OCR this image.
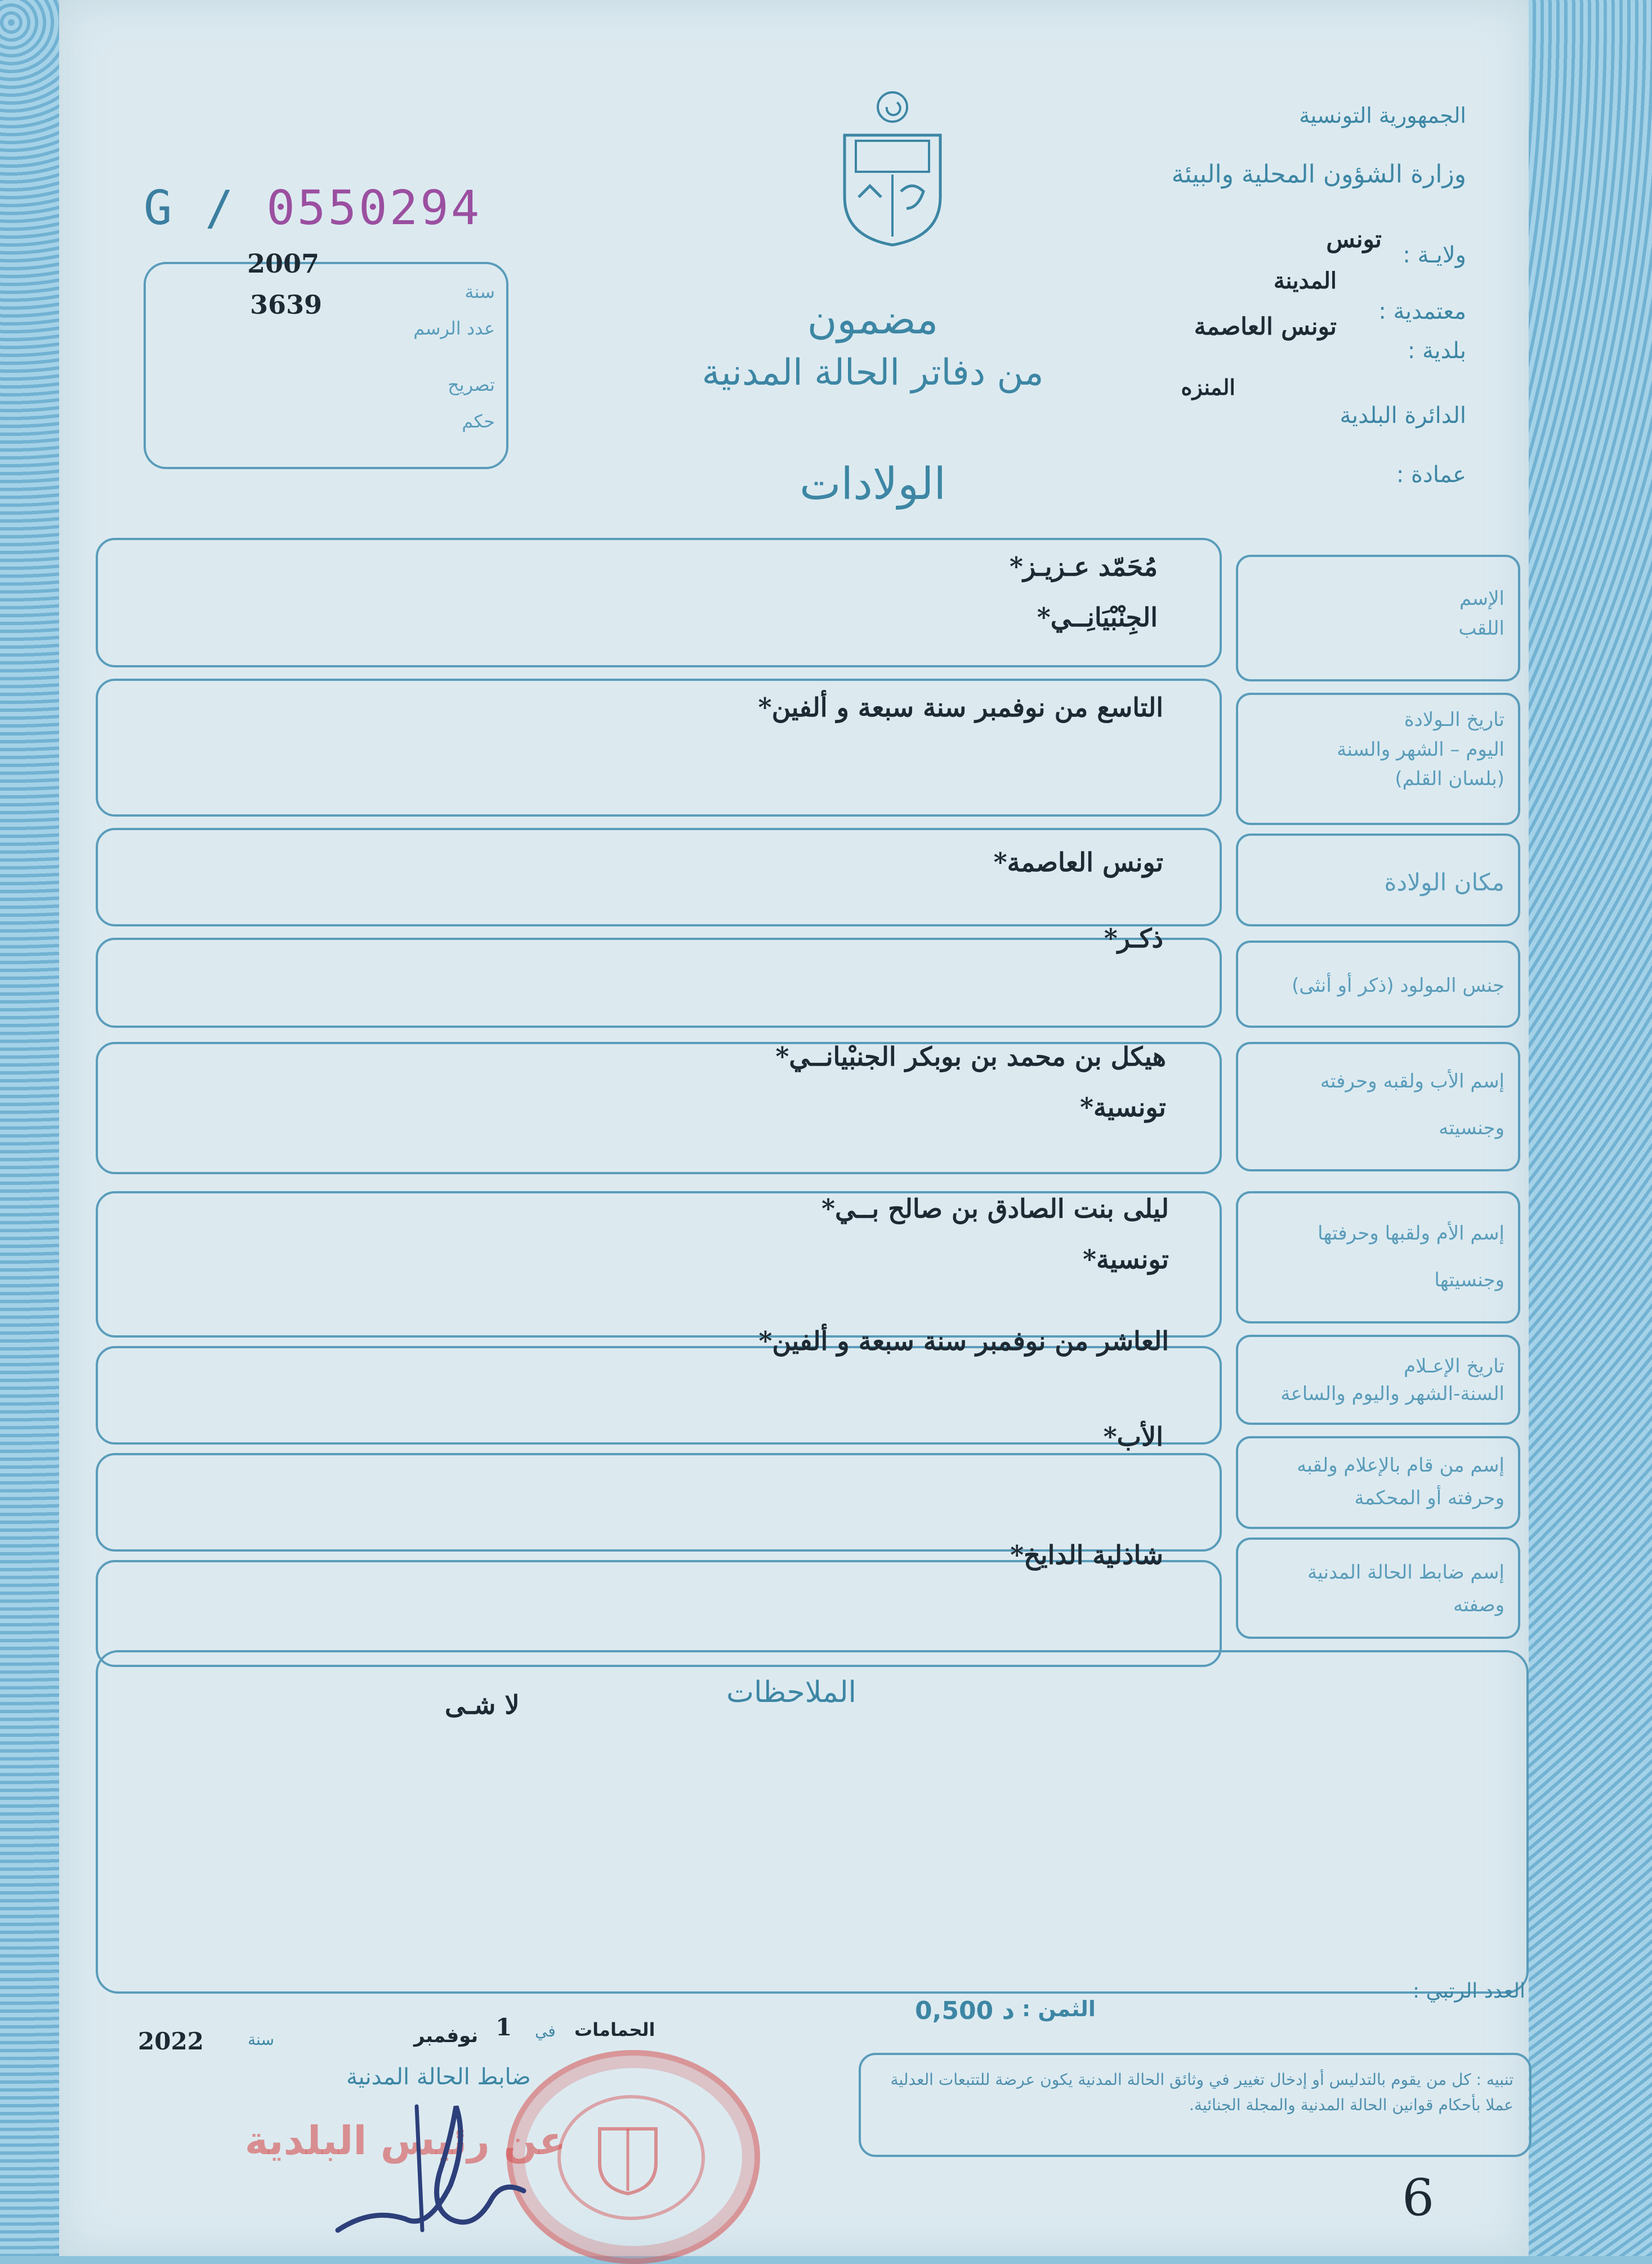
الجمهورية التونسية
وزارة الشؤون المحلية والبيئة
ولايـة :
تونس
معتمدية :
المدينة
بلدية :
تونس العاصمة
الدائرة البلدية
المنزه
عمادة :
G / 0550294
سنة
2007
عدد الرسم
3639
تصريح
حكم
مضمون
من دفاتر الحالة المدنية
الولادات
مُحَمّد عـزيـز*
الجِنْبْيَانِــي*
الإسم
اللقب
التاسع من نوفمبر سنة سبعة و ألفين*	تاريخ الـولادة
اليوم – الشهر والسنة
(بلسان القلم)
تونس العاصمة*
مكان الولادة
ذكـر*
جنس المولود (ذكر أو أنثى)
هيكل بن محمد بن بوبكر الجنبْيانــي*
تونسية*
إسم الأب ولقبه وحرفته
وجنسيته
ليلى بنت الصادق بن صالح بــي*
تونسية*
إسم الأم ولقبها وحرفتها
وجنسيتها
العاشر من نوفمبر سنة سبعة و ألفين*
تاريخ الإعـلام
السنة-الشهر واليوم والساعة
الأب*
إسم من قام بالإعلام ولقبه
وحرفته أو المحكمة
شاذلية الدايخ*
إسم ضابط الحالة المدنية
وصفته
الملاحظات
لا شـى
العدد الرتبي :
الثمن :
0,500 د
الحمامات
في
1
نوفمبر
سنة
2022
ضابط الحالة المدنية	تنبيه : كل من يقوم بالتدليس أو إدخال تغيير في وثائق الحالة المدنية يكون عرضة للتتبعات العدلية عملا بأحكام قوانين الحالة المدنية والمجلة الجنائية.
6
عن رئيس البلدية
